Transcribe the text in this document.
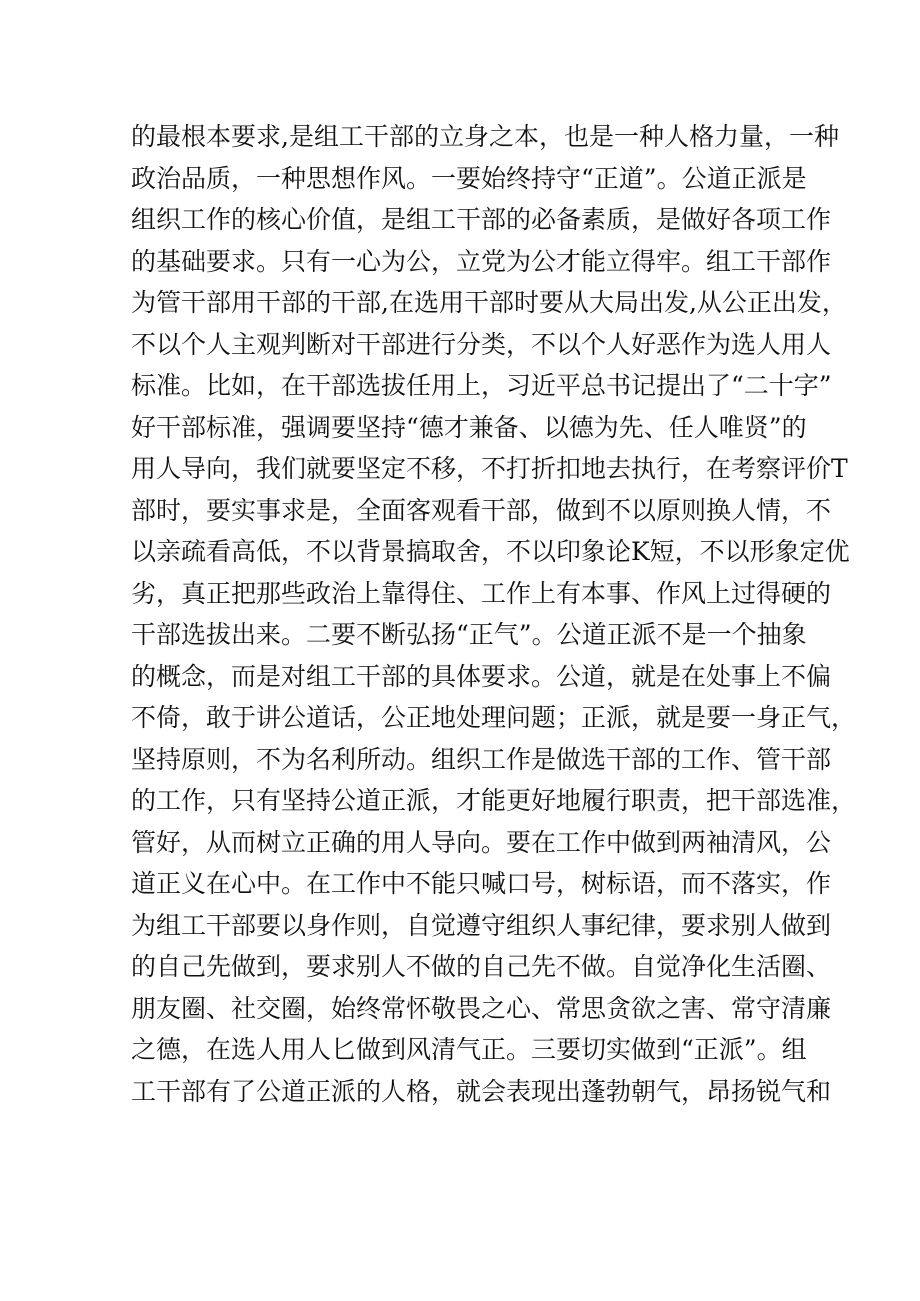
的最根本要求,是组工干部的立身之本，也是一种人格力量，一种
政治品质，一种思想作风。一要始终持守“正道”。公道正派是
组织工作的核心价值，是组工干部的必备素质，是做好各项工作
的基础要求。只有一心为公，立党为公才能立得牢。组工干部作
为管干部用干部的干部,在选用干部时要从大局出发,从公正出发，
不以个人主观判断对干部进行分类，不以个人好恶作为选人用人
标准。比如，在干部选拔任用上，习近平总书记提出了“二十字”
好干部标准，强调要坚持“德才兼备、以德为先、任人唯贤”的
用人导向，我们就要坚定不移，不打折扣地去执行，在考察评价T
部时，要实事求是，全面客观看干部，做到不以原则换人情，不
以亲疏看高低，不以背景搞取舍，不以印象论K短，不以形象定优
劣，真正把那些政治上靠得住、工作上有本事、作风上过得硬的
干部选拔出来。二要不断弘扬“正气”。公道正派不是一个抽象
的概念，而是对组工干部的具体要求。公道，就是在处事上不偏
不倚，敢于讲公道话，公正地处理问题；正派，就是要一身正气，
坚持原则，不为名利所动。组织工作是做选干部的工作、管干部
的工作，只有坚持公道正派，才能更好地履行职责，把干部选准，
管好，从而树立正确的用人导向。要在工作中做到两袖清风，公
道正义在心中。在工作中不能只喊口号，树标语，而不落实，作
为组工干部要以身作则，自觉遵守组织人事纪律，要求别人做到
的自己先做到，要求别人不做的自己先不做。自觉净化生活圈、
朋友圈、社交圈，始终常怀敬畏之心、常思贪欲之害、常守清廉
之德，在选人用人匕做到风清气正。三要切实做到“正派”。组
工干部有了公道正派的人格，就会表现出蓬勃朝气，昂扬锐气和
